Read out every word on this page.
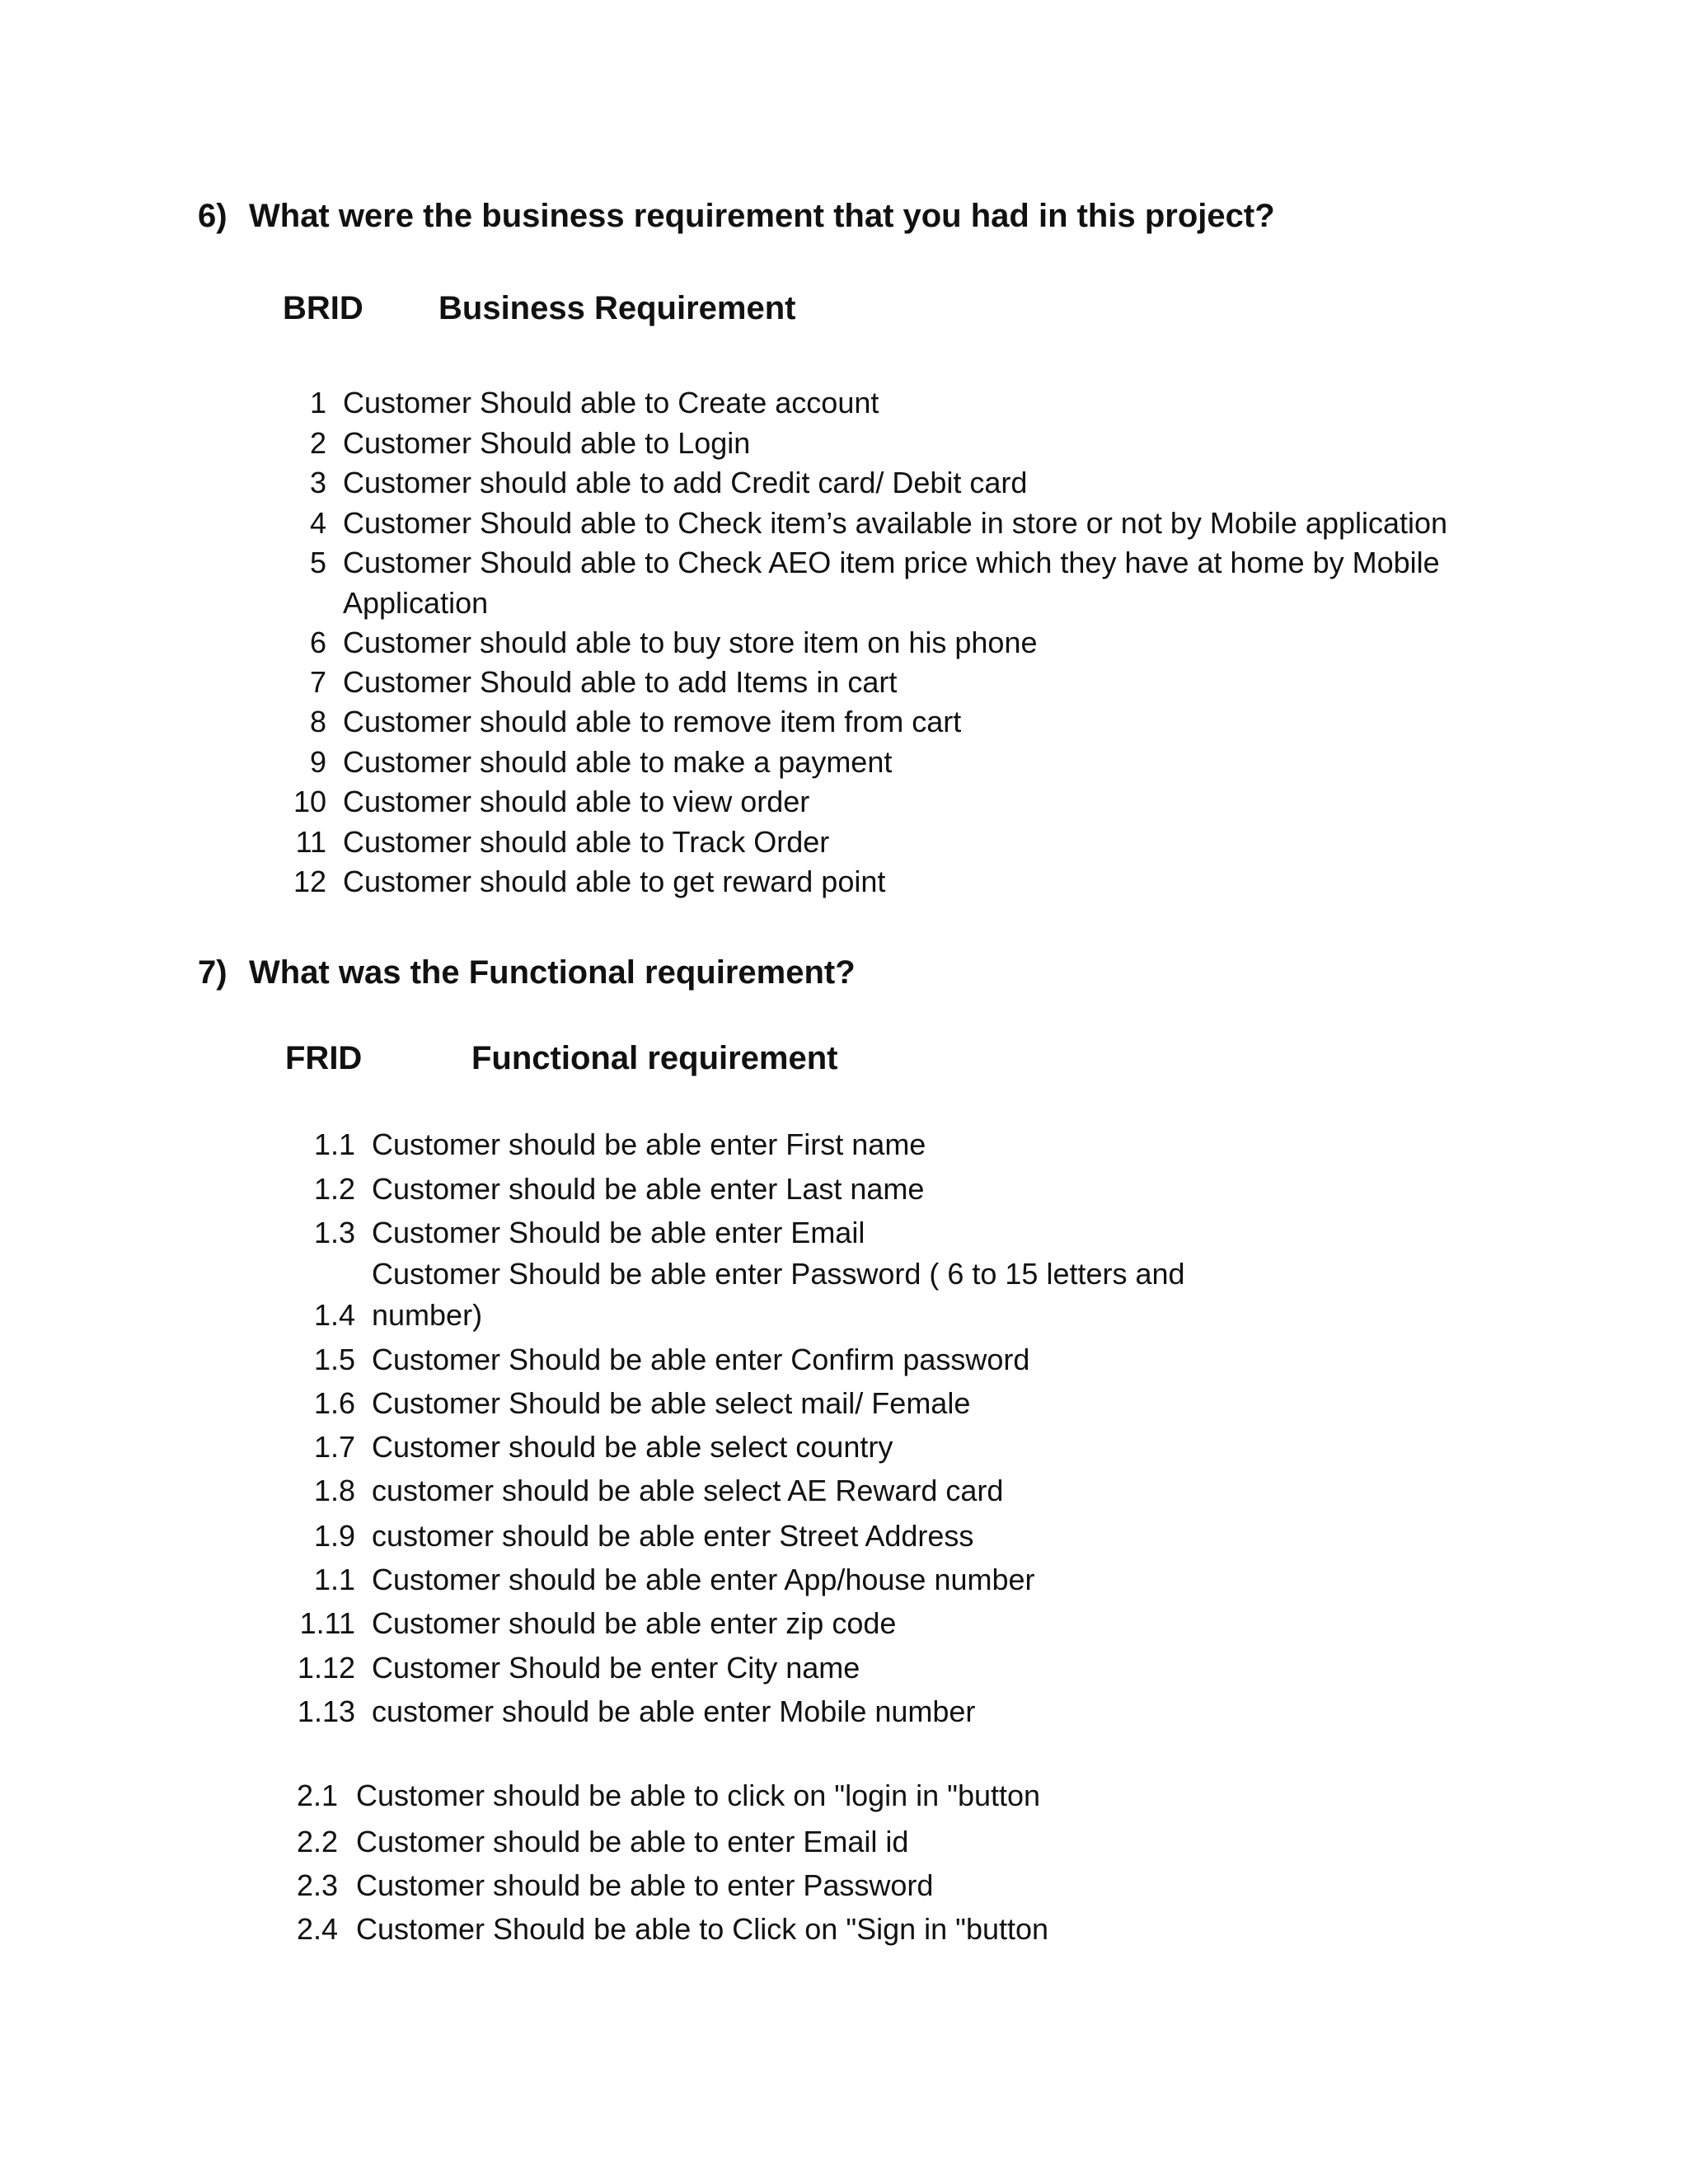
6) What were the business requirement that you had in this project?
BRID Business Requirement
1 Customer Should able to Create account
2 Customer Should able to Login
3 Customer should able to add Credit card/ Debit card
4 Customer Should able to Check item’s available in store or not by Mobile application
5 Customer Should able to Check AEO item price which they have at home by Mobile
Application
6 Customer should able to buy store item on his phone
7 Customer Should able to add Items in cart
8 Customer should able to remove item from cart
9 Customer should able to make a payment
10 Customer should able to view order
11 Customer should able to Track Order
12 Customer should able to get reward point
7) What was the Functional requirement?
FRID	Functional requirement
1.1 Customer should be able enter First name
1.2 Customer should be able enter Last name
1.3 Customer Should be able enter Email
Customer Should be able enter Password ( 6 to 15 letters and
1.4 number)
1.5 Customer Should be able enter Confirm password
1.6 Customer Should be able select mail/ Female
1.7 Customer should be able select country
1.8 customer should be able select AE Reward card
1.9 customer should be able enter Street Address
1.1 Customer should be able enter App/house number
1.11 Customer should be able enter zip code
1.12 Customer Should be enter City name
1.13 customer should be able enter Mobile number
2.1 Customer should be able to click on "login in "button
2.2 Customer should be able to enter Email id
2.3 Customer should be able to enter Password
2.4 Customer Should be able to Click on "Sign in "button
